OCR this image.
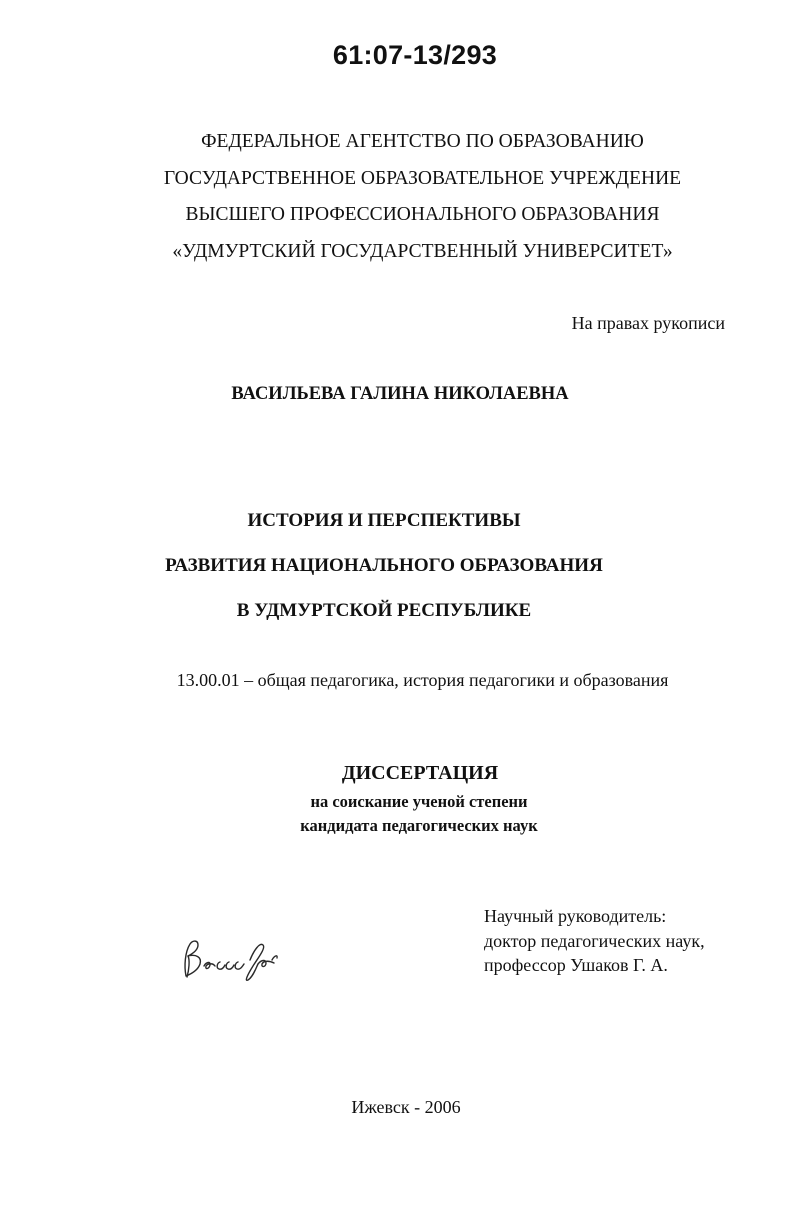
61:07-13/293
ФЕДЕРАЛЬНОЕ АГЕНТСТВО ПО ОБРАЗОВАНИЮ
ГОСУДАРСТВЕННОЕ ОБРАЗОВАТЕЛЬНОЕ УЧРЕЖДЕНИЕ
ВЫСШЕГО ПРОФЕССИОНАЛЬНОГО ОБРАЗОВАНИЯ
«УДМУРТСКИЙ ГОСУДАРСТВЕННЫЙ УНИВЕРСИТЕТ»
На правах рукописи
ВАСИЛЬЕВА ГАЛИНА НИКОЛАЕВНА
ИСТОРИЯ И ПЕРСПЕКТИВЫ
РАЗВИТИЯ НАЦИОНАЛЬНОГО ОБРАЗОВАНИЯ
В УДМУРТСКОЙ РЕСПУБЛИКЕ
13.00.01 – общая педагогика, история педагогики и образования
ДИССЕРТАЦИЯ
на соискание ученой степени
кандидата педагогических наук
Научный руководитель:
доктор педагогических наук,
профессор Ушаков Г. А.
Ижевск - 2006
